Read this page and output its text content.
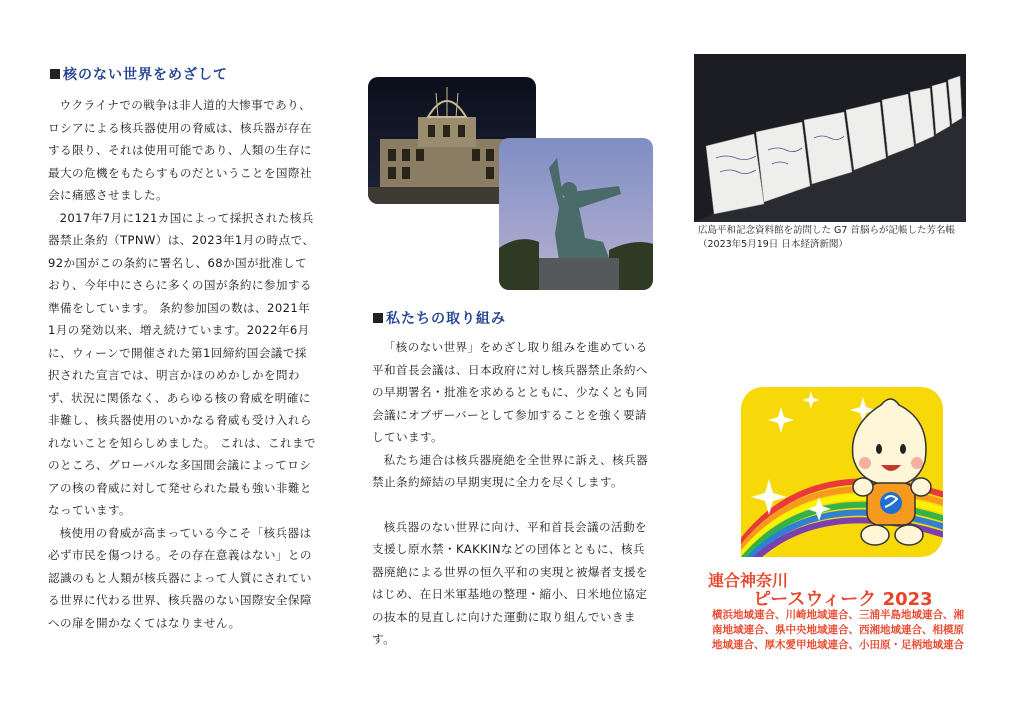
核のない世界をめざして

ウクライナでの戦争は非人道的大惨事であり、ロシアによる核兵器使用の脅威は、核兵器が存在する限り、それは使用可能であり、人類の生存に最大の危機をもたらすものだということを国際社会に痛感させました。

2017年7月に121カ国によって採択された核兵器禁止条約（TPNW）は、2023年1月の時点で、92か国がこの条約に署名し、68か国が批准しており、今年中にさらに多くの国が条約に参加する準備をしています。 条約参加国の数は、2021年1月の発効以来、増え続けています。2022年6月に、ウィーンで開催された第1回締約国会議で採択された宣言では、明言かほのめかしかを問わず、状況に関係なく、あらゆる核の脅威を明確に非難し、核兵器使用のいかなる脅威も受け入れられないことを知らしめました。 これは、これまでのところ、グローバルな多国間会議によってロシアの核の脅威に対して発せられた最も強い非難となっています。

核使用の脅威が高まっている今こそ「核兵器は必ず市民を傷つける。その存在意義はない」との認識のもと人類が核兵器によって人質にされている世界に代わる世界、核兵器のない国際安全保障への扉を開かなくてはなりません。

私たちの取り組み

「核のない世界」をめざし取り組みを進めている平和首長会議は、日本政府に対し核兵器禁止条約への早期署名・批准を求めるとともに、少なくとも同会議にオブザーバーとして参加することを強く要請しています。

私たち連合は核兵器廃絶を全世界に訴え、核兵器禁止条約締結の早期実現に全力を尽くします。

核兵器のない世界に向け、平和首長会議の活動を支援し原水禁・KAKKINなどの団体とともに、核兵器廃絶による世界の恒久平和の実現と被爆者支援をはじめ、在日米軍基地の整理・縮小、日米地位協定の抜本的見直しに向けた運動に取り組んでいきます。

広島平和記念資料館を訪問した G7 首脳らが記帳した芳名帳（2023年5月19日 日本経済新聞）
連合神奈川
ピースウィーク 2023
横浜地域連合、川崎地域連合、三浦半島地域連合、湘南地域連合、県中央地域連合、西湘地域連合、相模原地域連合、厚木愛甲地域連合、小田原・足柄地域連合
